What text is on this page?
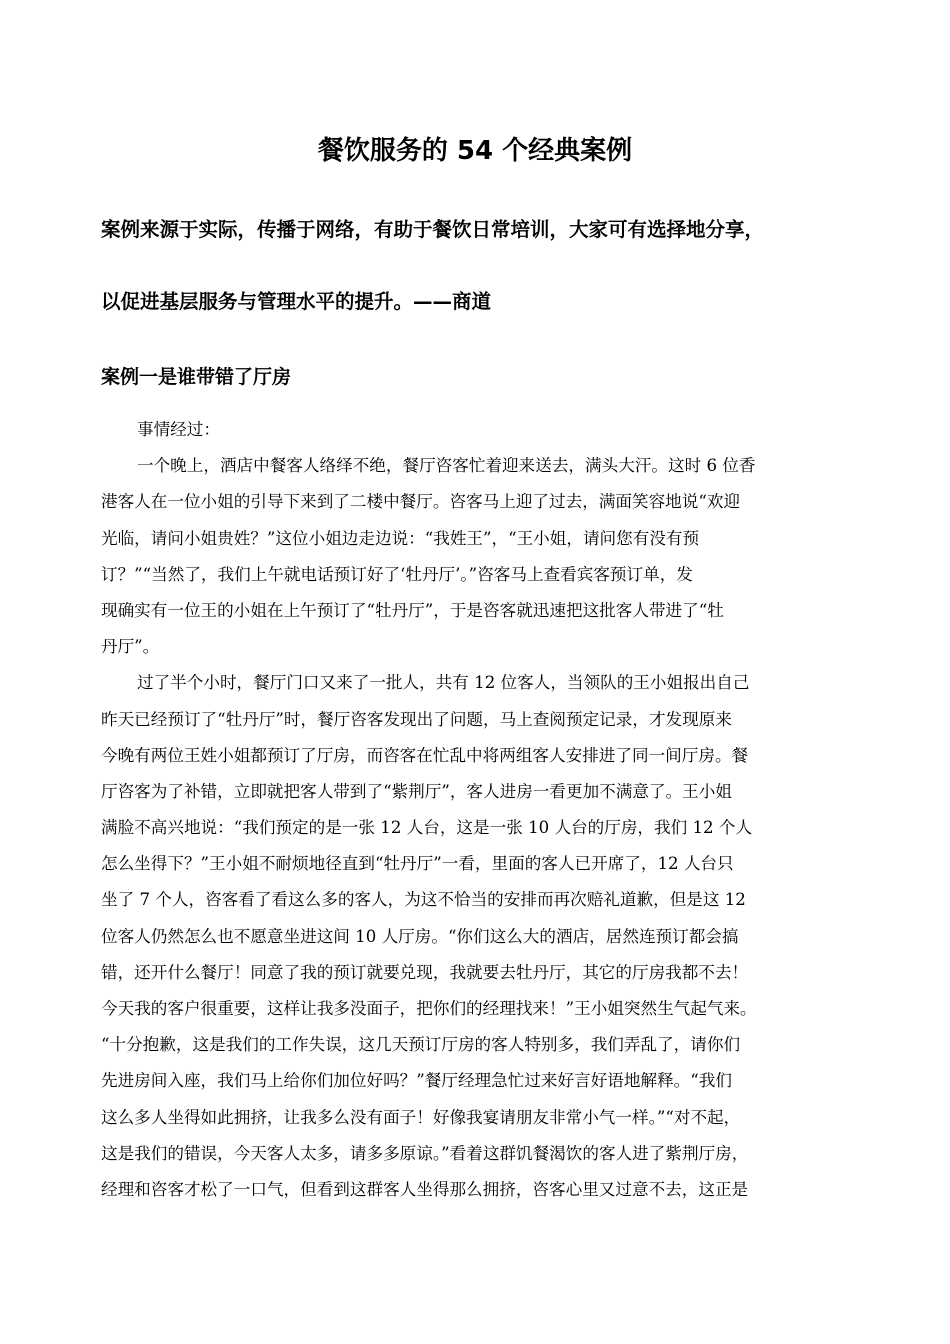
餐饮服务的 54 个经典案例

案例来源于实际，传播于网络，有助于餐饮日常培训，大家可有选择地分享，

以促进基层服务与管理水平的提升。——商道

案例一是谁带错了厅房
事情经过：
一个晚上，酒店中餐客人络绎不绝，餐厅咨客忙着迎来送去，满头大汗。这时 6 位香
港客人在一位小姐的引导下来到了二楼中餐厅。咨客马上迎了过去，满面笑容地说“欢迎
光临，请问小姐贵姓？”这位小姐边走边说：“我姓王”，“王小姐，请问您有没有预
订？”“当然了，我们上午就电话预订好了‘牡丹厅’。”咨客马上查看宾客预订单，发
现确实有一位王的小姐在上午预订了“牡丹厅”，于是咨客就迅速把这批客人带进了“牡
丹厅”。
过了半个小时，餐厅门口又来了一批人，共有 12 位客人，当领队的王小姐报出自己
昨天已经预订了“牡丹厅”时，餐厅咨客发现出了问题，马上查阅预定记录，才发现原来
今晚有两位王姓小姐都预订了厅房，而咨客在忙乱中将两组客人安排进了同一间厅房。餐
厅咨客为了补错，立即就把客人带到了“紫荆厅”，客人进房一看更加不满意了。王小姐
满脸不高兴地说：“我们预定的是一张 12 人台，这是一张 10 人台的厅房，我们 12 个人
怎么坐得下？”王小姐不耐烦地径直到“牡丹厅”一看，里面的客人已开席了，12 人台只
坐了 7 个人，咨客看了看这么多的客人，为这不恰当的安排而再次赔礼道歉，但是这 12
位客人仍然怎么也不愿意坐进这间 10 人厅房。“你们这么大的酒店，居然连预订都会搞
错，还开什么餐厅！同意了我的预订就要兑现，我就要去牡丹厅，其它的厅房我都不去！
今天我的客户很重要，这样让我多没面子，把你们的经理找来！”王小姐突然生气起气来。
“十分抱歉，这是我们的工作失误，这几天预订厅房的客人特别多，我们弄乱了，请你们
先进房间入座，我们马上给你们加位好吗？”餐厅经理急忙过来好言好语地解释。“我们
这么多人坐得如此拥挤，让我多么没有面子！好像我宴请朋友非常小气一样。”“对不起，
这是我们的错误，今天客人太多，请多多原谅。”看着这群饥餐渴饮的客人进了紫荆厅房，
经理和咨客才松了一口气，但看到这群客人坐得那么拥挤，咨客心里又过意不去，这正是
